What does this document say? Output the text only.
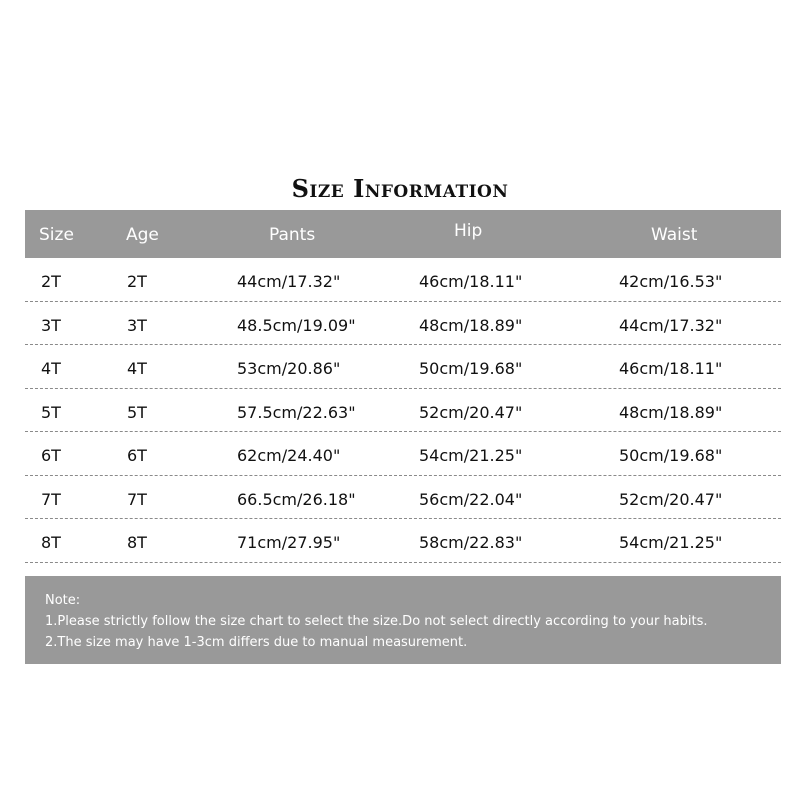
Size Information
Size	Age	Pants	Hip	Waist
2T	2T	44cm/17.32"	46cm/18.11"	42cm/16.53"
3T	3T	48.5cm/19.09"	48cm/18.89"	44cm/17.32"
4T	4T	53cm/20.86"	50cm/19.68"	46cm/18.11"
5T	5T	57.5cm/22.63"	52cm/20.47"	48cm/18.89"
6T	6T	62cm/24.40"	54cm/21.25"	50cm/19.68"
7T	7T	66.5cm/26.18"	56cm/22.04"	52cm/20.47"
8T	8T	71cm/27.95"	58cm/22.83"	54cm/21.25"
Note:
1.Please strictly follow the size chart to select the size.Do not select directly according to your habits.
2.The size may have 1-3cm differs due to manual measurement.
